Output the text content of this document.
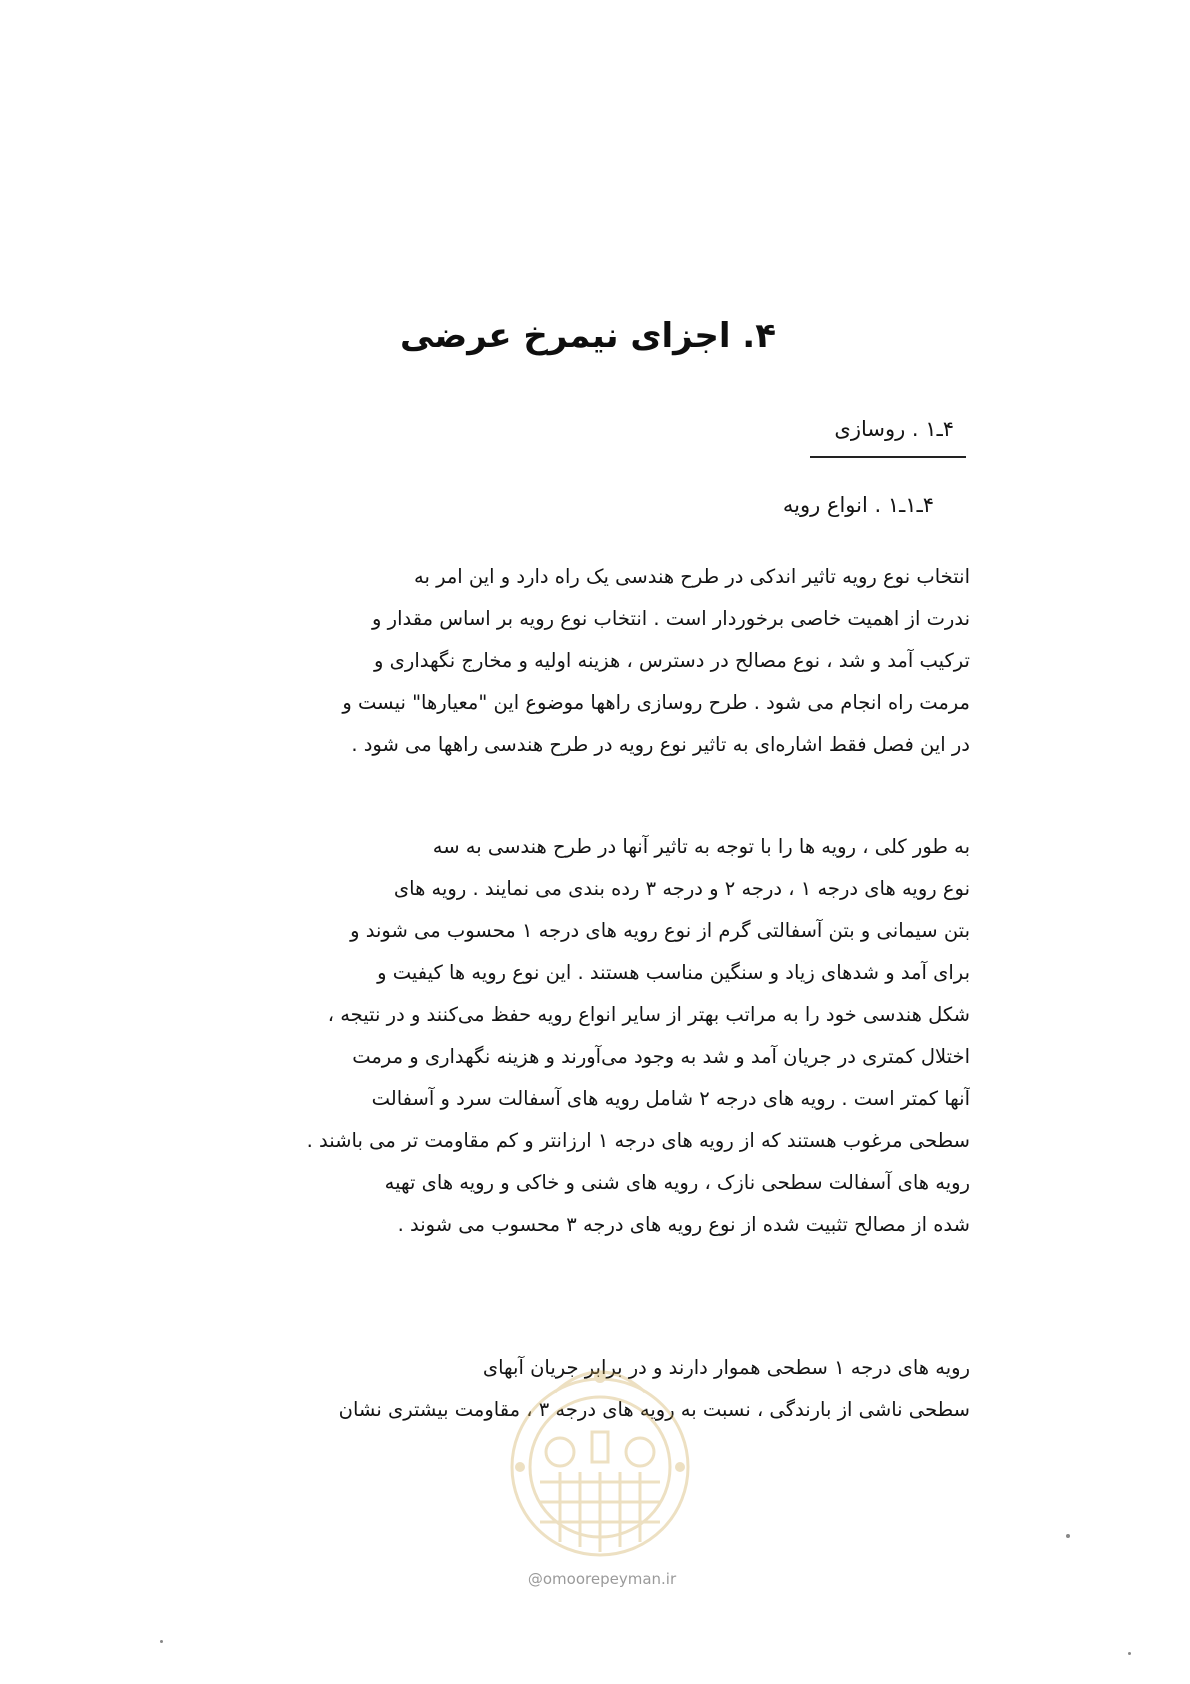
۴. اجزای نیمرخ عرضی
۴ـ۱ . روسازی
۴ـ۱ـ۱ . انواع رویه
انتخاب نوع رویه تاثیر اندکی در طرح هندسی یک راه دارد و این امر به
ندرت از اهمیت خاصی برخوردار است . انتخاب نوع رویه بر اساس مقدار و
ترکیب آمد و شد ، نوع مصالح در دسترس ، هزینه اولیه و مخارج نگهداری و
مرمت راه انجام می شود . طرح روسازی راهها موضوع این "معیارها" نیست و
در این فصل فقط اشاره‌ای به تاثیر نوع رویه در طرح هندسی راهها می شود .
به طور کلی ، رویه ها را با توجه به تاثیر آنها در طرح هندسی به سه
نوع رویه های درجه ۱ ، درجه ۲ و درجه ۳ رده بندی می نمایند . رویه های
بتن سیمانی و بتن آسفالتی گرم از نوع رویه های درجه ۱ محسوب می شوند و
برای آمد و شدهای زیاد و سنگین مناسب هستند . این نوع رویه ها کیفیت و
شکل هندسی خود را به مراتب بهتر از سایر انواع رویه حفظ می‌کنند و در نتیجه ،
اختلال کمتری در جریان آمد و شد به وجود می‌آورند و هزینه نگهداری و مرمت
آنها کمتر است . رویه های درجه ۲ شامل رویه های آسفالت سرد و آسفالت
سطحی مرغوب هستند که از رویه های درجه ۱ ارزانتر و کم مقاومت تر می باشند .
رویه های آسفالت سطحی نازک ، رویه های شنی و خاکی و رویه های تهیه
شده از مصالح تثبیت شده از نوع رویه های درجه ۳ محسوب می شوند .
رویه های درجه ۱ سطحی هموار دارند و در برابر جریان آبهای
سطحی ناشی از بارندگی ، نسبت به رویه های درجه ۳ ، مقاومت بیشتری نشان
@omoorepeyman.ir
